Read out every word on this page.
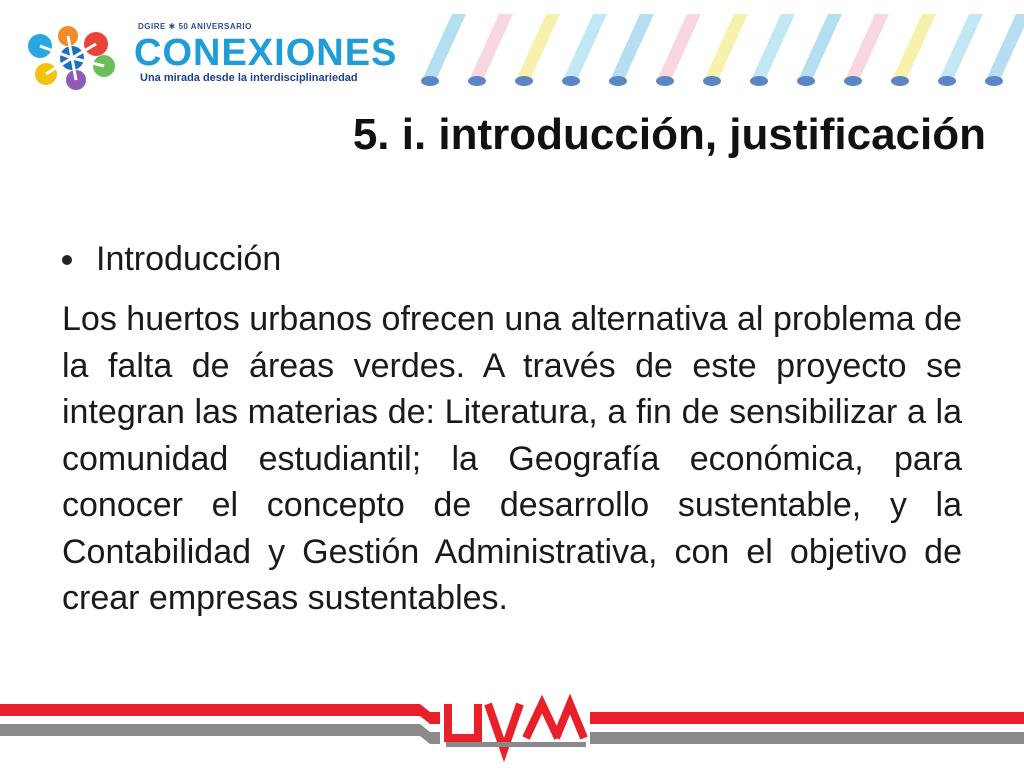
DGIRE ✱ 50 ANIVERSARIO
CONEXIONES
Una mirada desde la interdisciplinariedad
5. i. introducción, justificación
Introducción

Los huertos urbanos ofrecen una alternativa al problema de la falta de áreas verdes. A través de este proyecto se integran las materias de: Literatura, a fin de sensibilizar a la comunidad estudiantil; la Geografía económica, para conocer el concepto de desarrollo sustentable, y la Contabilidad y Gestión Administrativa, con el objetivo de crear empresas sustentables.
